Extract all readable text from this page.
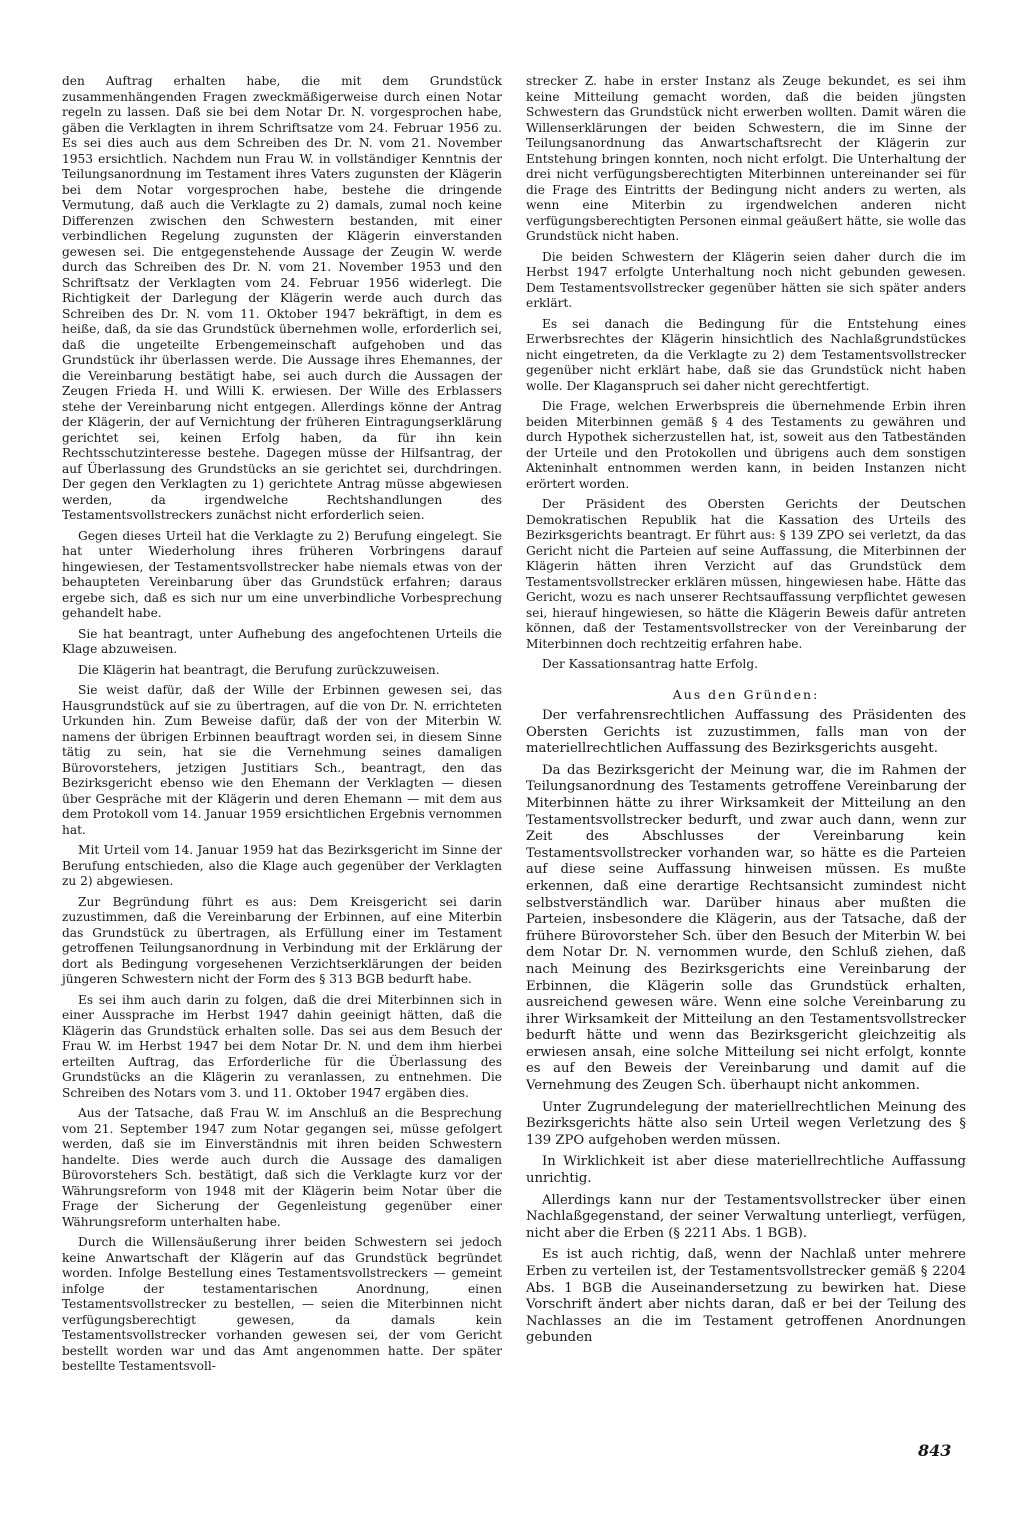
den Auftrag erhalten habe, die mit dem Grundstück zusammenhängenden Fragen zweckmäßigerweise durch einen Notar regeln zu lassen. Daß sie bei dem Notar Dr. N. vorgesprochen habe, gäben die Verklagten in ihrem Schriftsatze vom 24. Februar 1956 zu. Es sei dies auch aus dem Schreiben des Dr. N. vom 21. November 1953 ersichtlich. Nachdem nun Frau W. in vollständiger Kenntnis der Teilungsanordnung im Testament ihres Vaters zugunsten der Klägerin bei dem Notar vorgesprochen habe, bestehe die dringende Vermutung, daß auch die Verklagte zu 2) damals, zumal noch keine Differenzen zwischen den Schwestern bestanden, mit einer verbindlichen Regelung zugunsten der Klägerin einverstanden gewesen sei. Die entgegenstehende Aussage der Zeugin W. werde durch das Schreiben des Dr. N. vom 21. November 1953 und den Schriftsatz der Verklagten vom 24. Februar 1956 widerlegt. Die Richtigkeit der Darlegung der Klägerin werde auch durch das Schreiben des Dr. N. vom 11. Oktober 1947 bekräftigt, in dem es heiße, daß, da sie das Grundstück übernehmen wolle, erforderlich sei, daß die ungeteilte Erbengemeinschaft aufgehoben und das Grundstück ihr überlassen werde. Die Aussage ihres Ehemannes, der die Vereinbarung bestätigt habe, sei auch durch die Aussagen der Zeugen Frieda H. und Willi K. erwiesen. Der Wille des Erblassers stehe der Vereinbarung nicht entgegen. Allerdings könne der Antrag der Klägerin, der auf Vernichtung der früheren Eintragungserklärung gerichtet sei, keinen Erfolg haben, da für ihn kein Rechtsschutzinteresse bestehe. Dagegen müsse der Hilfsantrag, der auf Überlassung des Grundstücks an sie gerichtet sei, durchdringen. Der gegen den Verklagten zu 1) gerichtete Antrag müsse abgewiesen werden, da irgendwelche Rechtshandlungen des Testamentsvollstreckers zunächst nicht erforderlich seien.

Gegen dieses Urteil hat die Verklagte zu 2) Berufung eingelegt. Sie hat unter Wiederholung ihres früheren Vorbringens darauf hingewiesen, der Testamentsvollstrecker habe niemals etwas von der behaupteten Vereinbarung über das Grundstück erfahren; daraus ergebe sich, daß es sich nur um eine unverbindliche Vorbesprechung gehandelt habe.

Sie hat beantragt, unter Aufhebung des angefochtenen Urteils die Klage abzuweisen.

Die Klägerin hat beantragt, die Berufung zurückzuweisen.

Sie weist dafür, daß der Wille der Erbinnen gewesen sei, das Hausgrundstück auf sie zu übertragen, auf die von Dr. N. errichteten Urkunden hin. Zum Beweise dafür, daß der von der Miterbin W. namens der übrigen Erbinnen beauftragt worden sei, in diesem Sinne tätig zu sein, hat sie die Vernehmung seines damaligen Bürovorstehers, jetzigen Justitiars Sch., beantragt, den das Bezirksgericht ebenso wie den Ehemann der Verklagten — diesen über Gespräche mit der Klägerin und deren Ehemann — mit dem aus dem Protokoll vom 14. Januar 1959 ersichtlichen Ergebnis vernommen hat.

Mit Urteil vom 14. Januar 1959 hat das Bezirksgericht im Sinne der Berufung entschieden, also die Klage auch gegenüber der Verklagten zu 2) abgewiesen.

Zur Begründung führt es aus: Dem Kreisgericht sei darin zuzustimmen, daß die Vereinbarung der Erbinnen, auf eine Miterbin das Grundstück zu übertragen, als Erfüllung einer im Testament getroffenen Teilungsanordnung in Verbindung mit der Erklärung der dort als Bedingung vorgesehenen Verzichtserklärungen der beiden jüngeren Schwestern nicht der Form des § 313 BGB bedurft habe.

Es sei ihm auch darin zu folgen, daß die drei Miterbinnen sich in einer Aussprache im Herbst 1947 dahin geeinigt hätten, daß die Klägerin das Grundstück erhalten solle. Das sei aus dem Besuch der Frau W. im Herbst 1947 bei dem Notar Dr. N. und dem ihm hierbei erteilten Auftrag, das Erforderliche für die Überlassung des Grundstücks an die Klägerin zu veranlassen, zu entnehmen. Die Schreiben des Notars vom 3. und 11. Oktober 1947 ergäben dies.

Aus der Tatsache, daß Frau W. im Anschluß an die Besprechung vom 21. September 1947 zum Notar gegangen sei, müsse gefolgert werden, daß sie im Einverständnis mit ihren beiden Schwestern handelte. Dies werde auch durch die Aussage des damaligen Bürovorstehers Sch. bestätigt, daß sich die Verklagte kurz vor der Währungsreform von 1948 mit der Klägerin beim Notar über die Frage der Sicherung der Gegenleistung gegenüber einer Währungsreform unterhalten habe.

Durch die Willensäußerung ihrer beiden Schwestern sei jedoch keine Anwartschaft der Klägerin auf das Grundstück begründet worden. Infolge Bestellung eines Testamentsvollstreckers — gemeint infolge der testamentarischen Anordnung, einen Testamentsvollstrecker zu bestellen, — seien die Miterbinnen nicht verfügungsberechtigt gewesen, da damals kein Testamentsvollstrecker vorhanden gewesen sei, der vom Gericht bestellt worden war und das Amt angenommen hatte. Der später bestellte Testamentsvoll-

strecker Z. habe in erster Instanz als Zeuge bekundet, es sei ihm keine Mitteilung gemacht worden, daß die beiden jüngsten Schwestern das Grundstück nicht erwerben wollten. Damit wären die Willenserklärungen der beiden Schwestern, die im Sinne der Teilungsanordnung das Anwartschaftsrecht der Klägerin zur Entstehung bringen konnten, noch nicht erfolgt. Die Unterhaltung der drei nicht verfügungsberechtigten Miterbinnen untereinander sei für die Frage des Eintritts der Bedingung nicht anders zu werten, als wenn eine Miterbin zu irgendwelchen anderen nicht verfügungsberechtigten Personen einmal geäußert hätte, sie wolle das Grundstück nicht haben.

Die beiden Schwestern der Klägerin seien daher durch die im Herbst 1947 erfolgte Unterhaltung noch nicht gebunden gewesen. Dem Testamentsvollstrecker gegenüber hätten sie sich später anders erklärt.

Es sei danach die Bedingung für die Entstehung eines Erwerbsrechtes der Klägerin hinsichtlich des Nachlaßgrundstückes nicht eingetreten, da die Verklagte zu 2) dem Testamentsvollstrecker gegenüber nicht erklärt habe, daß sie das Grundstück nicht haben wolle. Der Klaganspruch sei daher nicht gerechtfertigt.

Die Frage, welchen Erwerbspreis die übernehmende Erbin ihren beiden Miterbinnen gemäß § 4 des Testaments zu gewähren und durch Hypothek sicherzustellen hat, ist, soweit aus den Tatbeständen der Urteile und den Protokollen und übrigens auch dem sonstigen Akteninhalt entnommen werden kann, in beiden Instanzen nicht erörtert worden.

Der Präsident des Obersten Gerichts der Deutschen Demokratischen Republik hat die Kassation des Urteils des Bezirksgerichts beantragt. Er führt aus: § 139 ZPO sei verletzt, da das Gericht nicht die Parteien auf seine Auffassung, die Miterbinnen der Klägerin hätten ihren Verzicht auf das Grundstück dem Testamentsvollstrecker erklären müssen, hingewiesen habe. Hätte das Gericht, wozu es nach unserer Rechtsauffassung verpflichtet gewesen sei, hierauf hingewiesen, so hätte die Klägerin Beweis dafür antreten können, daß der Testamentsvollstrecker von der Vereinbarung der Miterbinnen doch rechtzeitig erfahren habe.

Der Kassationsantrag hatte Erfolg.

Aus den Gründen:

Der verfahrensrechtlichen Auffassung des Präsidenten des Obersten Gerichts ist zuzustimmen, falls man von der materiellrechtlichen Auffassung des Bezirksgerichts ausgeht.

Da das Bezirksgericht der Meinung war, die im Rahmen der Teilungsanordnung des Testaments getroffene Vereinbarung der Miterbinnen hätte zu ihrer Wirksamkeit der Mitteilung an den Testamentsvollstrecker bedurft, und zwar auch dann, wenn zur Zeit des Abschlusses der Vereinbarung kein Testamentsvollstrecker vorhanden war, so hätte es die Parteien auf diese seine Auffassung hinweisen müssen. Es mußte erkennen, daß eine derartige Rechtsansicht zumindest nicht selbstverständlich war. Darüber hinaus aber mußten die Parteien, insbesondere die Klägerin, aus der Tatsache, daß der frühere Bürovorsteher Sch. über den Besuch der Miterbin W. bei dem Notar Dr. N. vernommen wurde, den Schluß ziehen, daß nach Meinung des Bezirksgerichts eine Vereinbarung der Erbinnen, die Klägerin solle das Grundstück erhalten, ausreichend gewesen wäre. Wenn eine solche Vereinbarung zu ihrer Wirksamkeit der Mitteilung an den Testamentsvollstrecker bedurft hätte und wenn das Bezirksgericht gleichzeitig als erwiesen ansah, eine solche Mitteilung sei nicht erfolgt, konnte es auf den Beweis der Vereinbarung und damit auf die Vernehmung des Zeugen Sch. überhaupt nicht ankommen.

Unter Zugrundelegung der materiellrechtlichen Meinung des Bezirksgerichts hätte also sein Urteil wegen Verletzung des § 139 ZPO aufgehoben werden müssen.

In Wirklichkeit ist aber diese materiellrechtliche Auffassung unrichtig.

Allerdings kann nur der Testamentsvollstrecker über einen Nachlaßgegenstand, der seiner Verwaltung unterliegt, verfügen, nicht aber die Erben (§ 2211 Abs. 1 BGB).

Es ist auch richtig, daß, wenn der Nachlaß unter mehrere Erben zu verteilen ist, der Testamentsvollstrecker gemäß § 2204 Abs. 1 BGB die Auseinandersetzung zu bewirken hat. Diese Vorschrift ändert aber nichts daran, daß er bei der Teilung des Nachlasses an die im Testament getroffenen Anordnungen gebunden

843
